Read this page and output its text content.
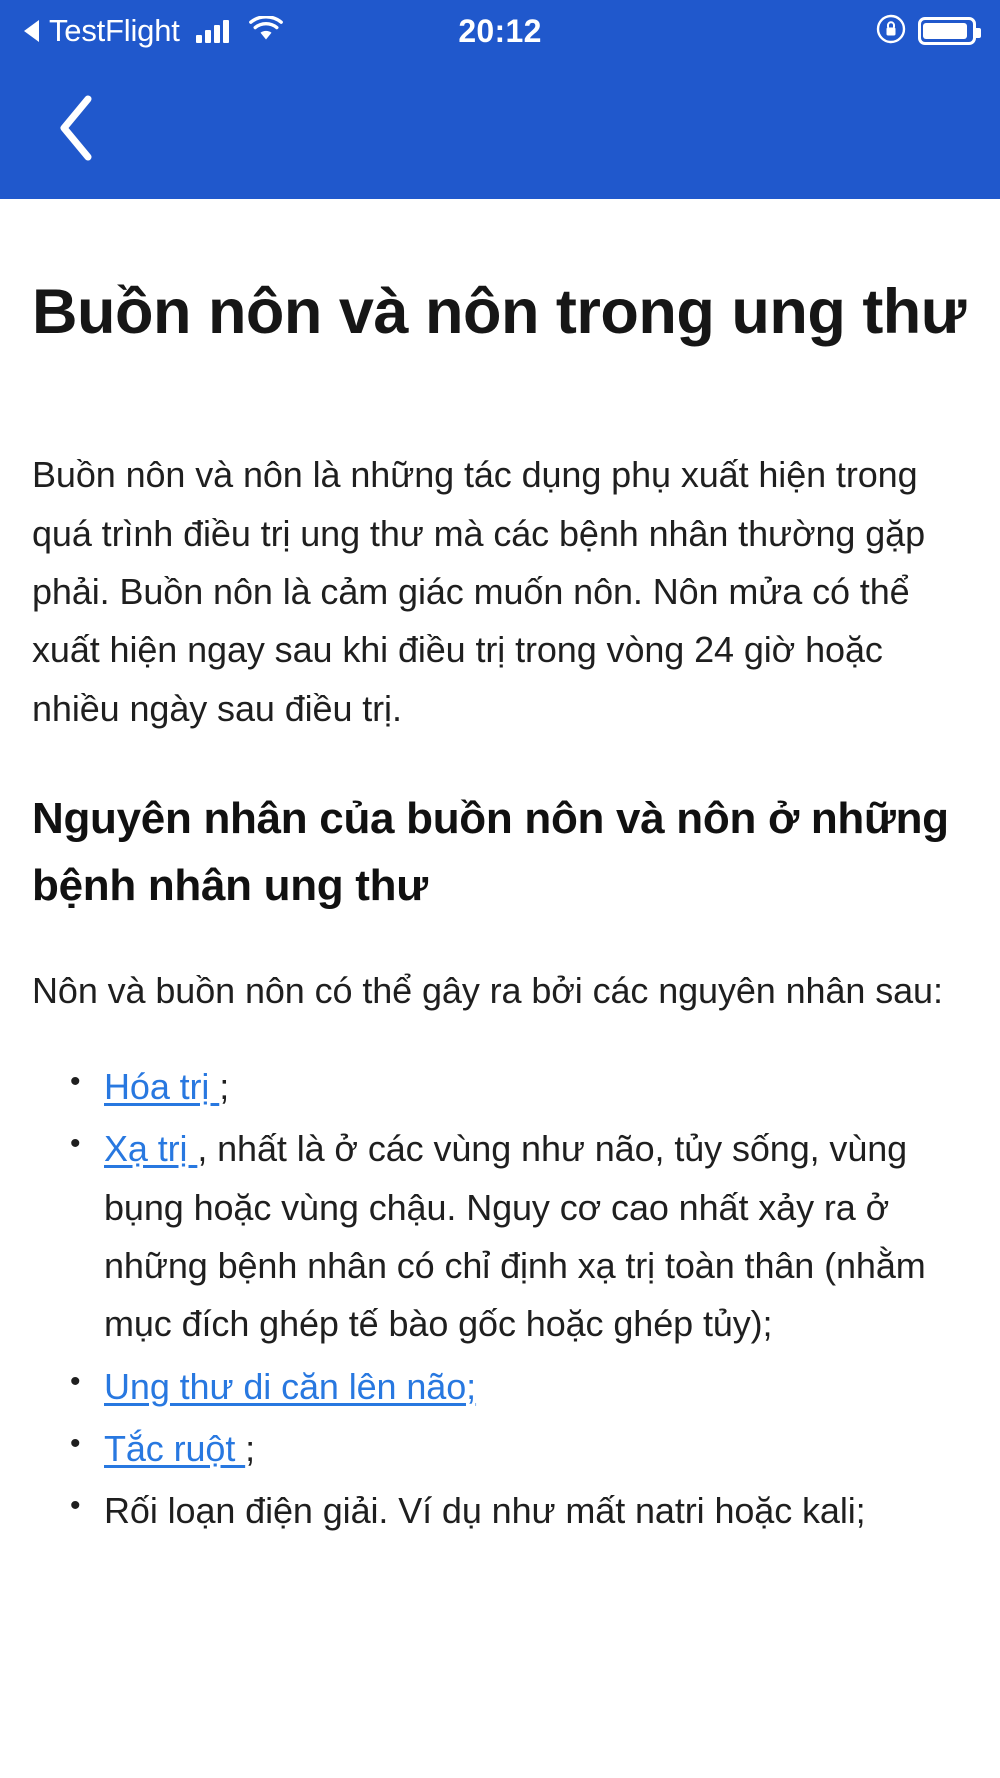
TestFlight	20:12
Buồn nôn và nôn trong ung thư

Buồn nôn và nôn là những tác dụng phụ xuất hiện trong quá trình điều trị ung thư mà các bệnh nhân thường gặp phải. Buồn nôn là cảm giác muốn nôn. Nôn mửa có thể xuất hiện ngay sau khi điều trị trong vòng 24 giờ hoặc nhiều ngày sau điều trị.

Nguyên nhân của buồn nôn và nôn ở những bệnh nhân ung thư

Nôn và buồn nôn có thể gây ra bởi các nguyên nhân sau:

• Hóa trị ;
• Xạ trị , nhất là ở các vùng như não, tủy sống, vùng bụng hoặc vùng chậu. Nguy cơ cao nhất xảy ra ở những bệnh nhân có chỉ định xạ trị toàn thân (nhằm mục đích ghép tế bào gốc hoặc ghép tủy);
• Ung thư di căn lên não;
• Tắc ruột ;
• Rối loạn điện giải. Ví dụ như mất natri hoặc kali;
